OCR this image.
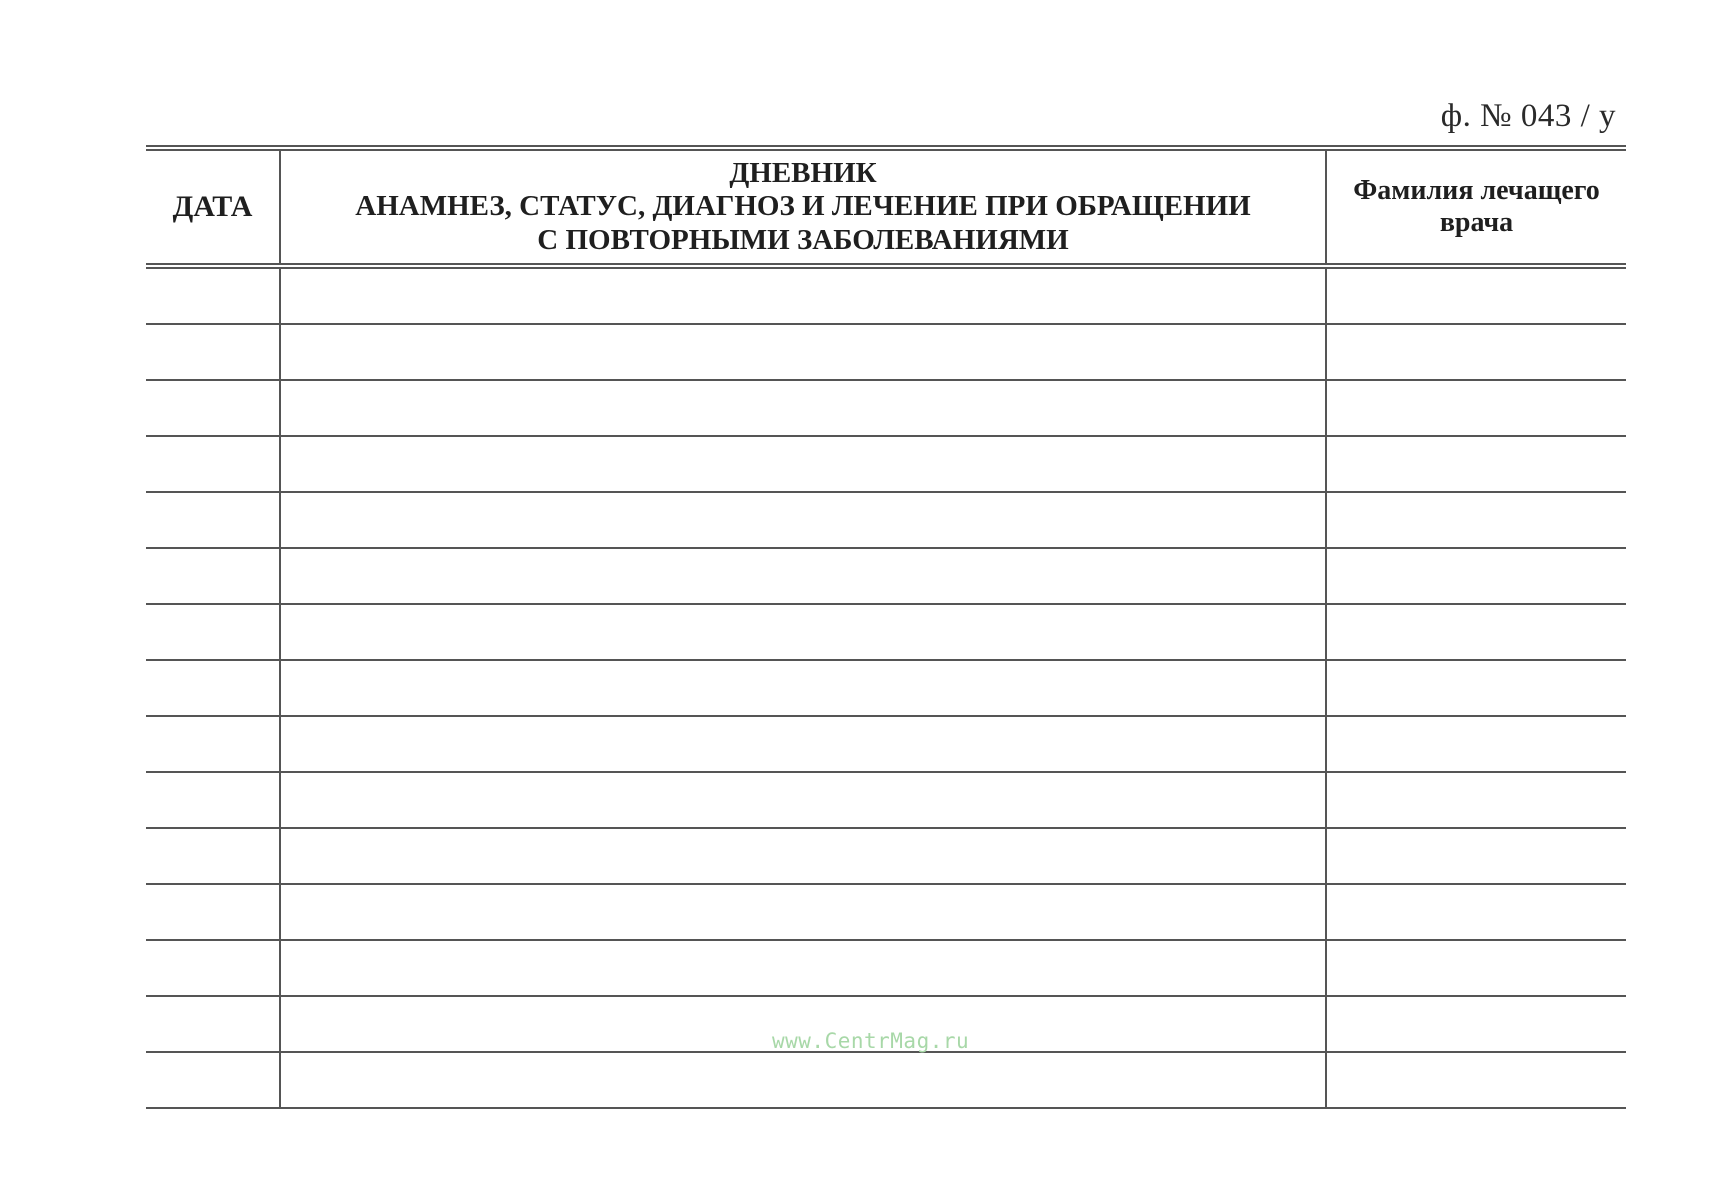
ф. № 043 / у
ДАТА	ДНЕВНИК
АНАМНЕЗ, СТАТУС, ДИАГНОЗ И ЛЕЧЕНИЕ ПРИ ОБРАЩЕНИИ
С ПОВТОРНЫМИ ЗАБОЛЕВАНИЯМИ	Фамилия лечащего
врача

www.CentrMag.ru
